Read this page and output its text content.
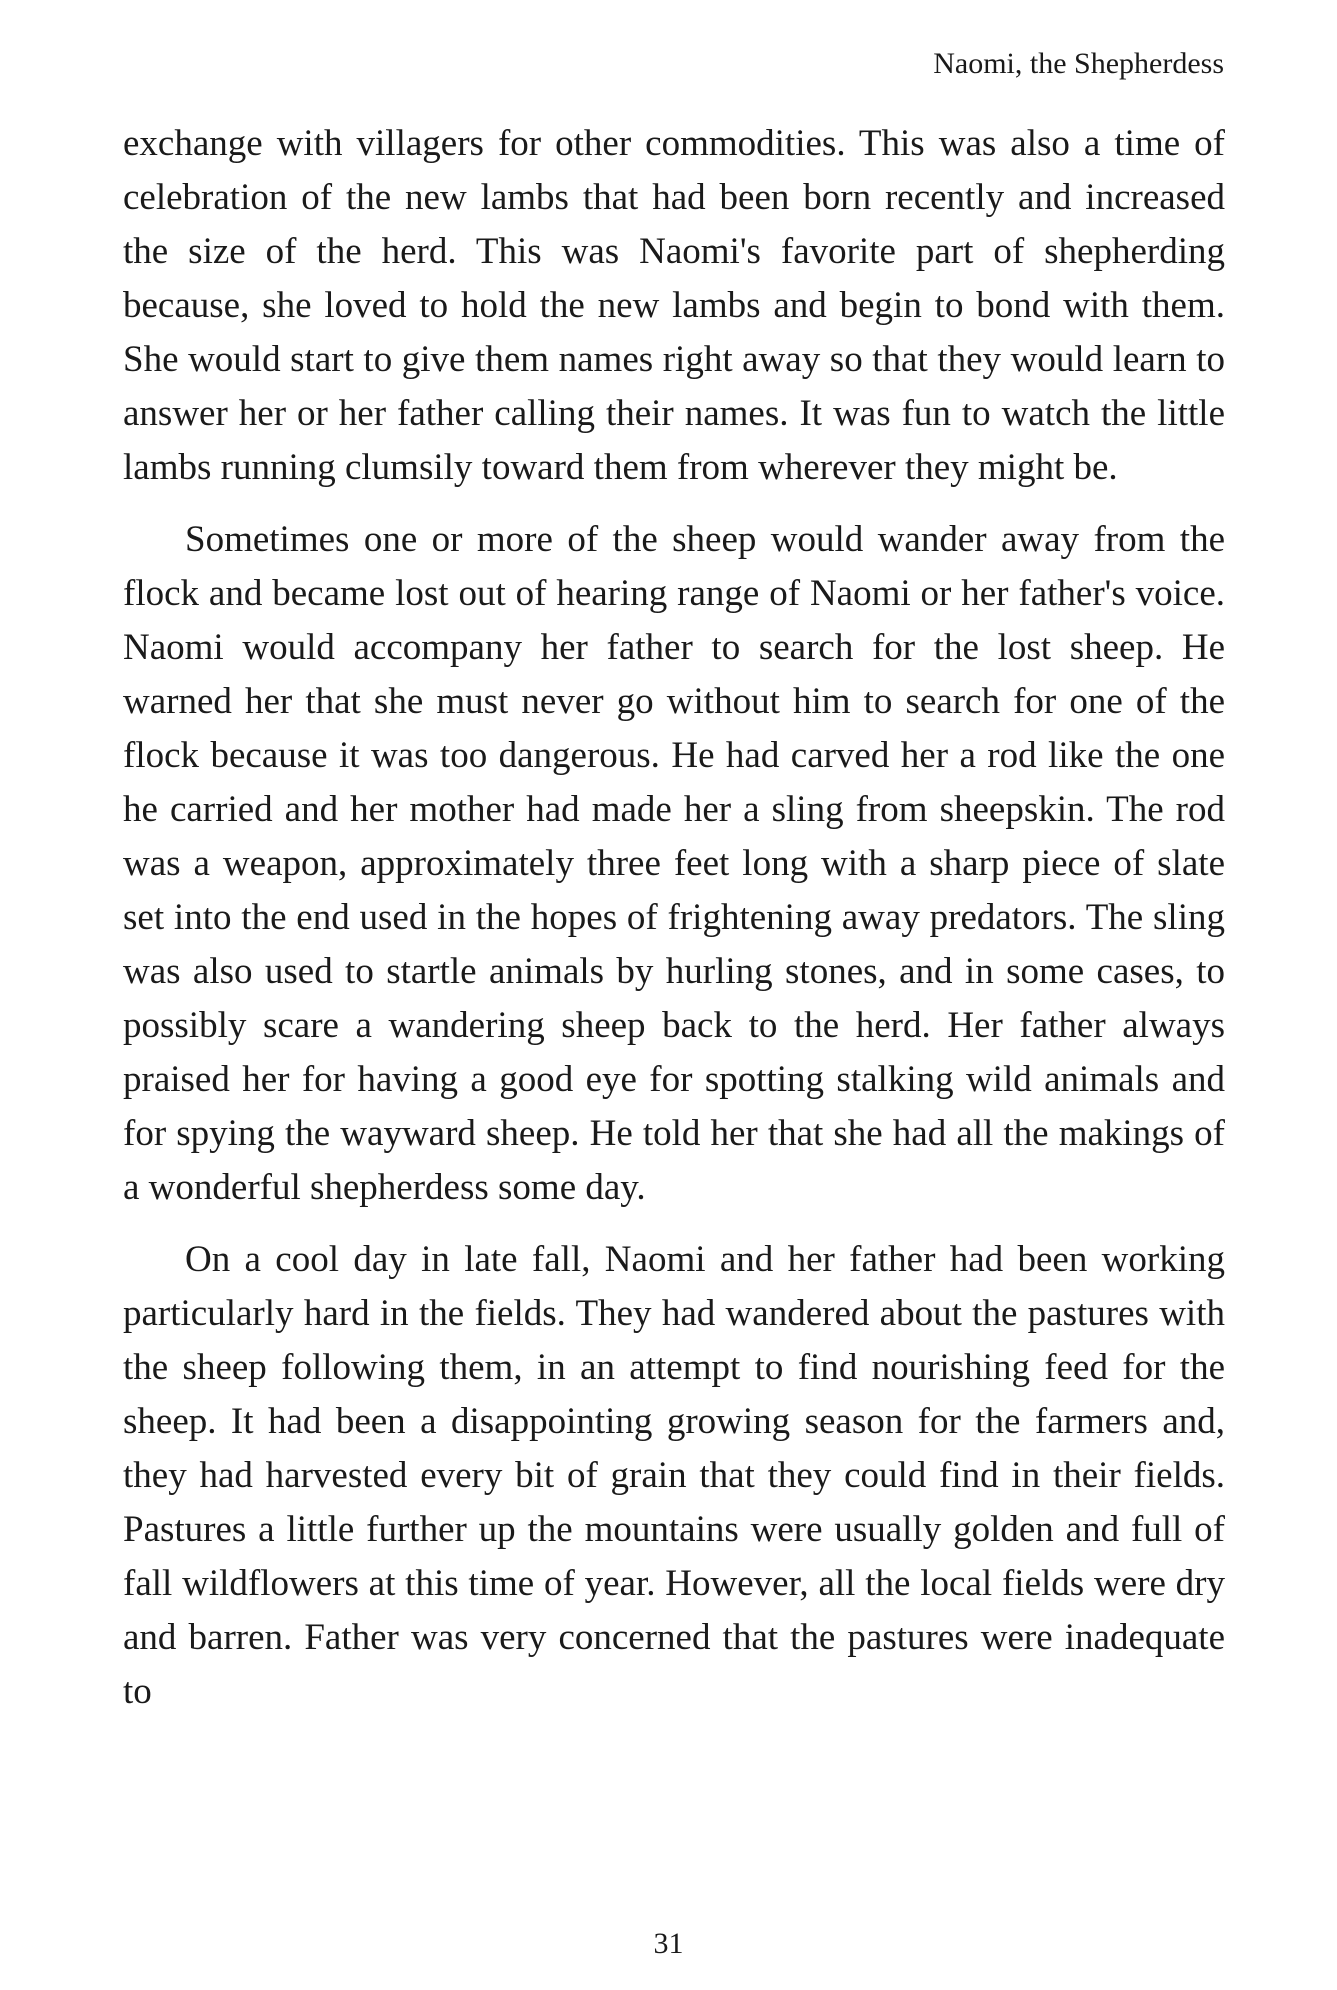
Naomi, the Shepherdess

exchange with villagers for other commodities. This was also a time of celebration of the new lambs that had been born recently and increased the size of the herd. This was Naomi's favorite part of shepherding because, she loved to hold the new lambs and begin to bond with them. She would start to give them names right away so that they would learn to answer her or her father calling their names. It was fun to watch the little lambs running clumsily toward them from wherever they might be.

Sometimes one or more of the sheep would wander away from the flock and became lost out of hearing range of Naomi or her father's voice. Naomi would accompany her father to search for the lost sheep. He warned her that she must never go without him to search for one of the flock because it was too dangerous. He had carved her a rod like the one he carried and her mother had made her a sling from sheepskin. The rod was a weapon, approximately three feet long with a sharp piece of slate set into the end used in the hopes of frightening away predators. The sling was also used to startle animals by hurling stones, and in some cases, to possibly scare a wandering sheep back to the herd. Her father always praised her for having a good eye for spotting stalking wild animals and for spying the wayward sheep. He told her that she had all the makings of a wonderful shepherdess some day.

On a cool day in late fall, Naomi and her father had been working particularly hard in the fields. They had wandered about the pastures with the sheep following them, in an attempt to find nourishing feed for the sheep. It had been a disappointing growing season for the farmers and, they had harvested every bit of grain that they could find in their fields. Pastures a little further up the mountains were usually golden and full of fall wildflowers at this time of year. However, all the local fields were dry and barren. Father was very concerned that the pastures were inadequate to

31
